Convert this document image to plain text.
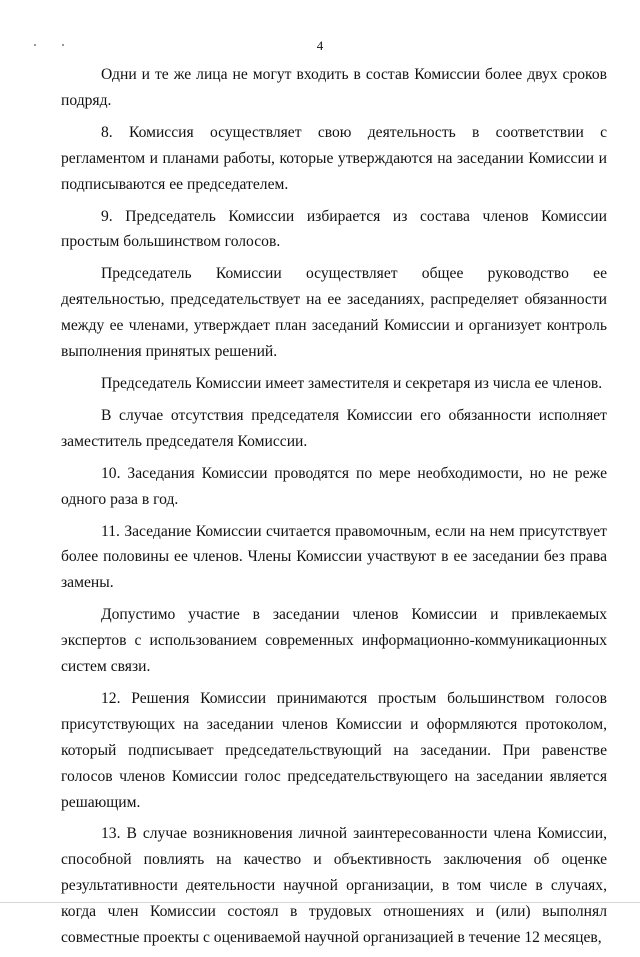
4

Одни и те же лица не могут входить в состав Комиссии более двух сроков подряд.

8. Комиссия осуществляет свою деятельность в соответствии с регламентом и планами работы, которые утверждаются на заседании Комиссии и подписываются ее председателем.

9. Председатель Комиссии избирается из состава членов Комиссии простым большинством голосов.

Председатель Комиссии осуществляет общее руководство ее деятельностью, председательствует на ее заседаниях, распределяет обязанности между ее членами, утверждает план заседаний Комиссии и организует контроль выполнения принятых решений.

Председатель Комиссии имеет заместителя и секретаря из числа ее членов.

В случае отсутствия председателя Комиссии его обязанности исполняет заместитель председателя Комиссии.

10. Заседания Комиссии проводятся по мере необходимости, но не реже одного раза в год.

11. Заседание Комиссии считается правомочным, если на нем присутствует более половины ее членов. Члены Комиссии участвуют в ее заседании без права замены.

Допустимо участие в заседании членов Комиссии и привлекаемых экспертов с использованием современных информационно-коммуникационных систем связи.

12. Решения Комиссии принимаются простым большинством голосов присутствующих на заседании членов Комиссии и оформляются протоколом, который подписывает председательствующий на заседании. При равенстве голосов членов Комиссии голос председательствующего на заседании является решающим.

13. В случае возникновения личной заинтересованности члена Комиссии, способной повлиять на качество и объективность заключения об оценке результативности деятельности научной организации, в том числе в случаях, когда член Комиссии состоял в трудовых отношениях и (или) выполнял совместные проекты с оцениваемой научной организацией в течение 12 месяцев,
